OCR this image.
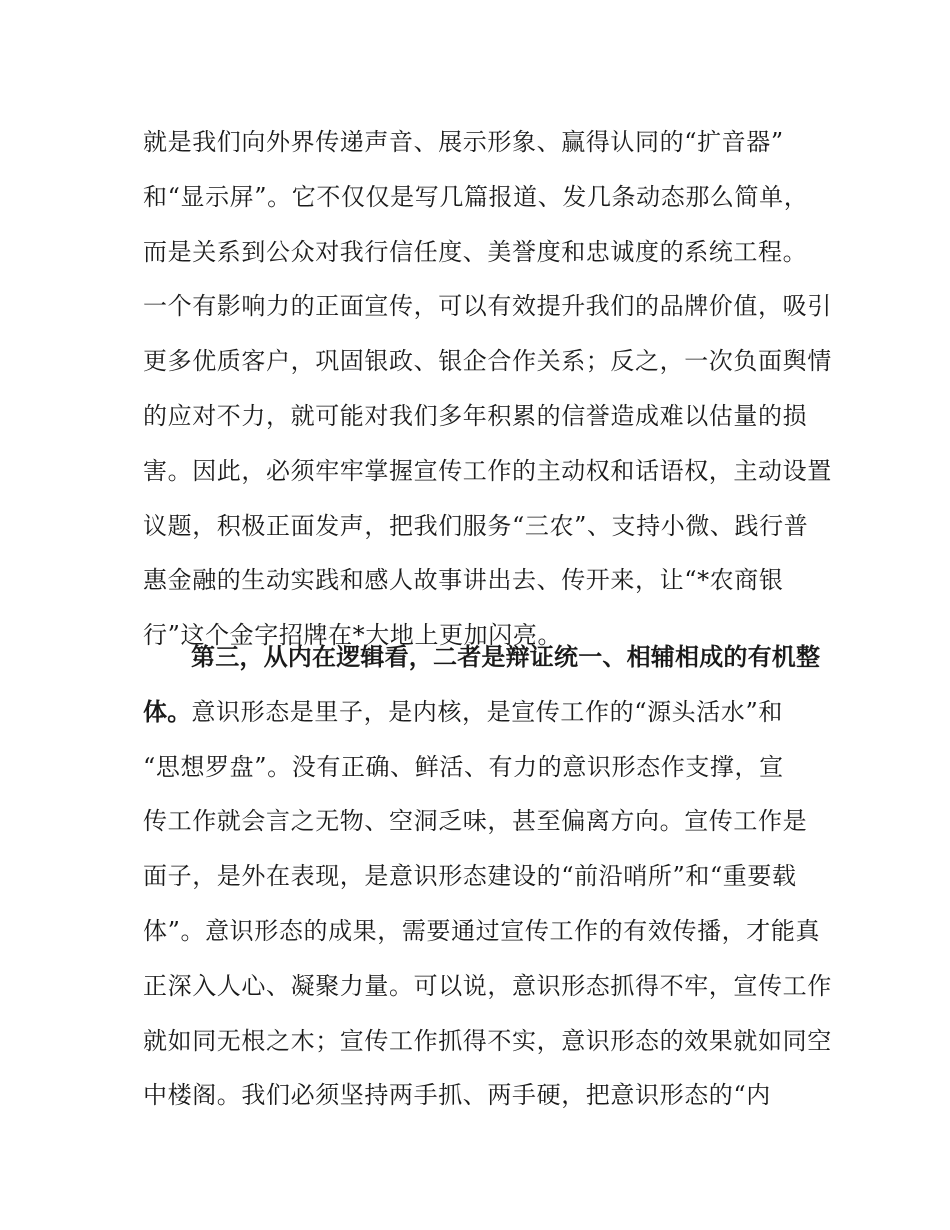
就是我们向外界传递声音、展示形象、赢得认同的“扩音器”
和“显示屏”。它不仅仅是写几篇报道、发几条动态那么简单，
而是关系到公众对我行信任度、美誉度和忠诚度的系统工程。
一个有影响力的正面宣传，可以有效提升我们的品牌价值，吸引
更多优质客户，巩固银政、银企合作关系；反之，一次负面舆情
的应对不力，就可能对我们多年积累的信誉造成难以估量的损
害。因此，必须牢牢掌握宣传工作的主动权和话语权，主动设置
议题，积极正面发声，把我们服务“三农”、支持小微、践行普
惠金融的生动实践和感人故事讲出去、传开来，让“*农商银
行”这个金字招牌在*大地上更加闪亮。
第三，从内在逻辑看，二者是辩证统一、相辅相成的有机整
体。意识形态是里子，是内核，是宣传工作的“源头活水”和
“思想罗盘”。没有正确、鲜活、有力的意识形态作支撑，宣
传工作就会言之无物、空洞乏味，甚至偏离方向。宣传工作是
面子，是外在表现，是意识形态建设的“前沿哨所”和“重要载
体”。意识形态的成果，需要通过宣传工作的有效传播，才能真
正深入人心、凝聚力量。可以说，意识形态抓得不牢，宣传工作
就如同无根之木；宣传工作抓得不实，意识形态的效果就如同空
中楼阁。我们必须坚持两手抓、两手硬，把意识形态的“内
